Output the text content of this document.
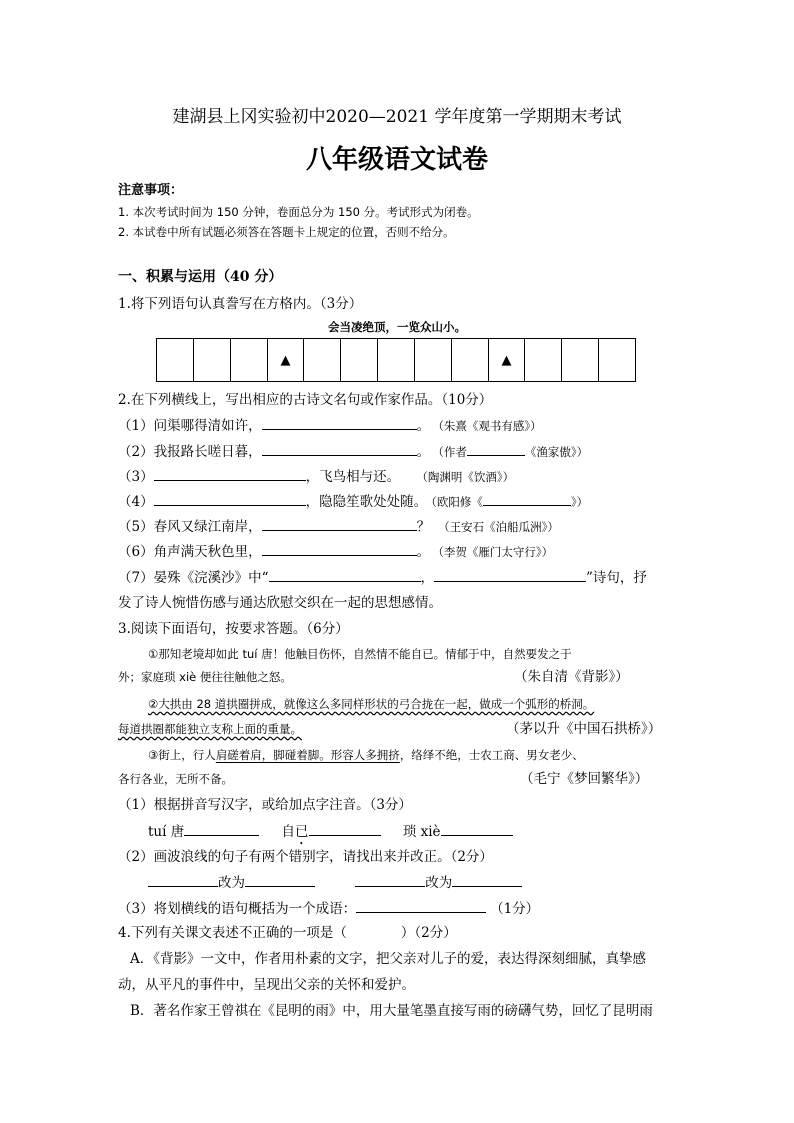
建湖县上冈实验初中2020—2021 学年度第一学期期末考试
八年级语文试卷
注意事项：
1. 本次考试时间为 150 分钟，卷面总分为 150 分。考试形式为闭卷。
2. 本试卷中所有试题必须答在答题卡上规定的位置，否则不给分。
一、积累与运用（40 分）
1.将下列语句认真誊写在方格内。（3分）
会当凌绝顶，一览众山小。
▲	▲
2.在下列横线上，写出相应的古诗文名句或作家作品。（10分）
（1）问渠哪得清如许，	。 （朱熹《观书有感》）
（2）我报路长嗟日暮，	。 （作者	《渔家傲》）
（3）	，飞鸟相与还。 （陶渊明《饮酒》）
（4）	，隐隐笙歌处处随。 （欧阳修《	》）
（5）春风又绿江南岸，	？ （王安石《泊船瓜洲》）
（6）角声满天秋色里，	。 （李贺《雁门太守行》）
（7）晏殊《浣溪沙》中“	，	”诗句，抒
发了诗人惋惜伤感与通达欣慰交织在一起的思想感情。
3.阅读下面语句，按要求答题。（6分）
①那知老境却如此 tuí 唐！他触目伤怀，自然情不能自已。情郁于中，自然要发之于
外；家庭琐 xiè 便往往触他之怒。	（朱自清《背影》）
②大拱由 28 道拱圈拼成，就像这么多同样形状的弓合拢在一起，做成一个弧形的桥洞。
每道拱圈都能独立支称上面的重量。	（茅以升《中国石拱桥》）
③街上，行人肩磋着肩，脚碰着脚。形容人多拥挤，络绎不绝，士农工商、男女老少、
各行各业，无所不备。	（毛宁《梦回繁华》）
（1）根据拼音写汉字，或给加点字注音。（3分）
tuí 唐	自已	琐 xiè
（2）画波浪线的句子有两个错别字，请找出来并改正。（2分）
改为	改为
（3）将划横线的语句概括为一个成语：	（1分）
4.下列有关课文表述不正确的一项是（　　　　）（2分）
A．《背影》一文中，作者用朴素的文字，把父亲对儿子的爱，表达得深刻细腻，真挚感
动，从平凡的事件中，呈现出父亲的关怀和爱护。
B．著名作家王曾祺在《昆明的雨》中，用大量笔墨直接写雨的磅礴气势，回忆了昆明雨
